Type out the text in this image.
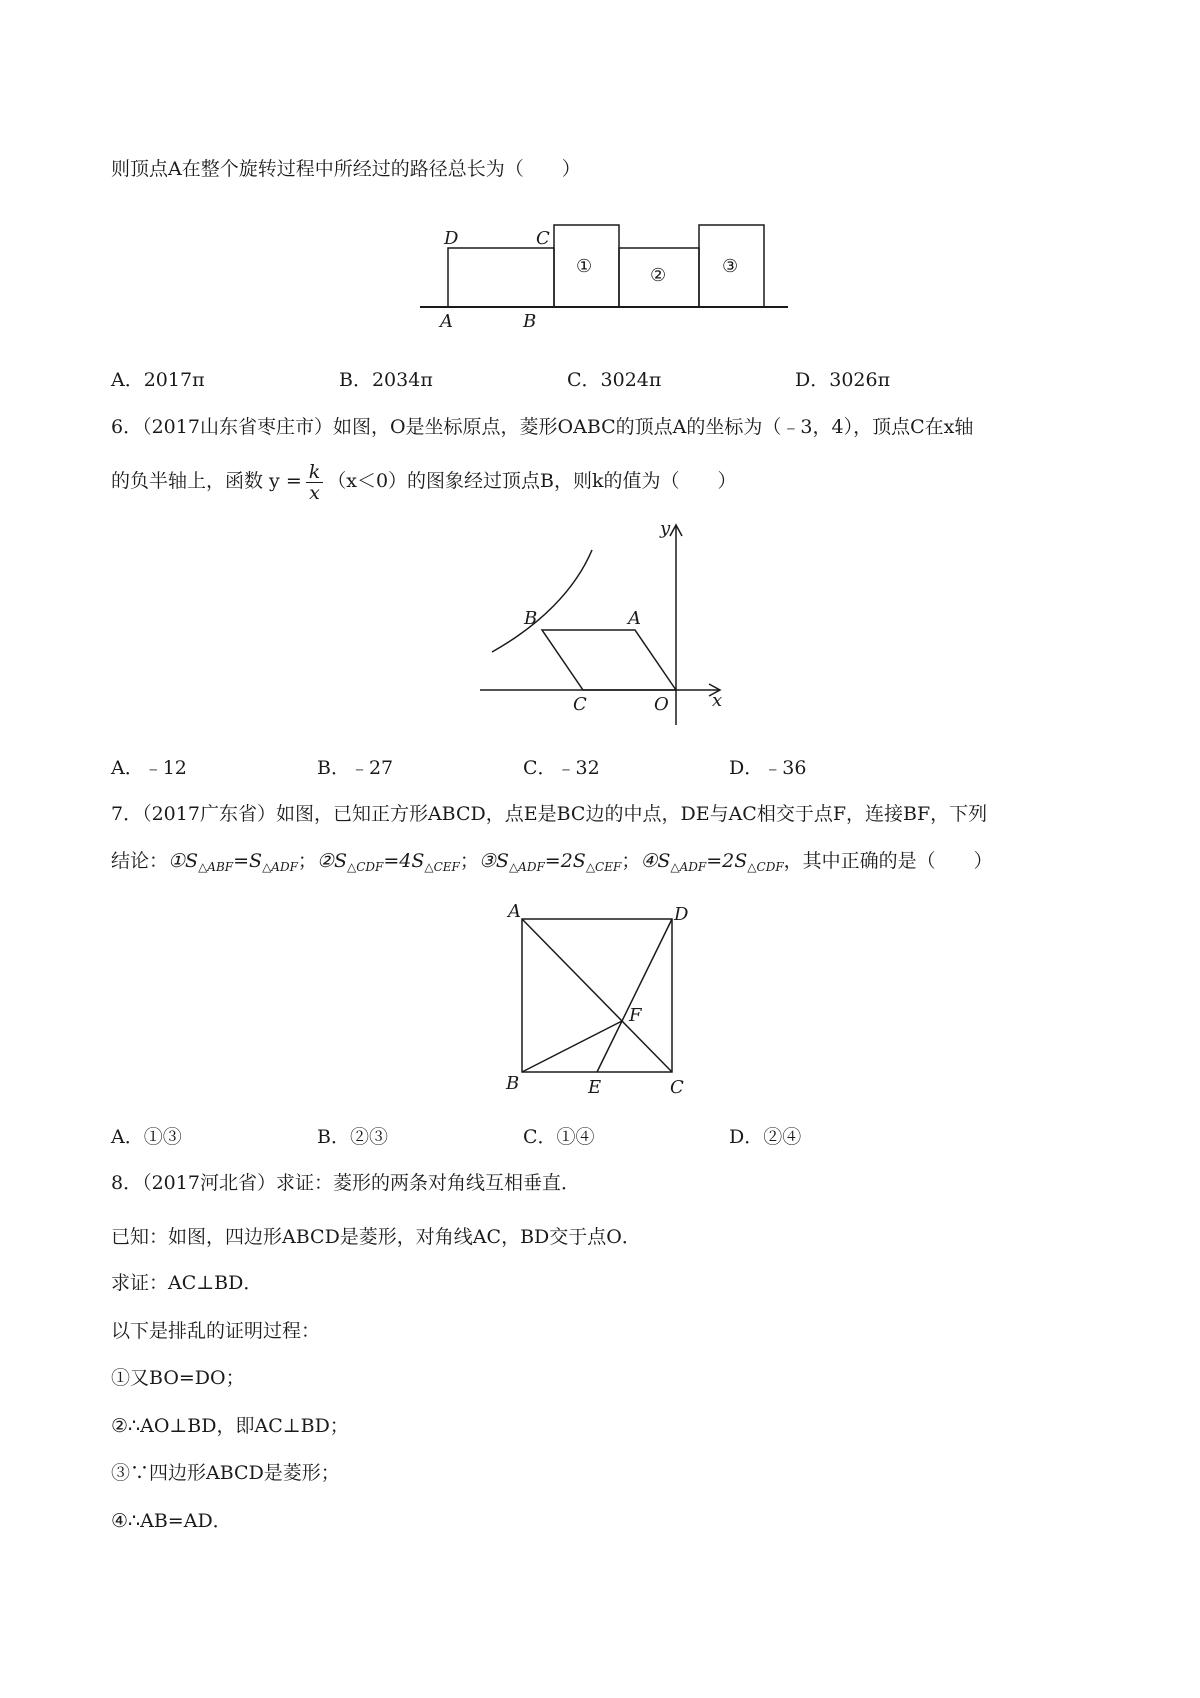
则顶点A在整个旋转过程中所经过的路径总长为（　　）
D	C
A	B
①	②	③
A．2017π	B．2034π	C．3024π	D．3026π
6．（2017山东省枣庄市）如图，O是坐标原点，菱形OABC的顶点A的坐标为（﹣3，4），顶点C在x轴
的负半轴上，函数 $y = \frac{k}{x} (x<0)$的图象经过顶点B，则k的值为（　　）
y
B	A
C	O x
A．﹣12	B．﹣27	C．﹣32	D．﹣36
7．（2017广东省）如图，已知正方形ABCD，点E是BC边的中点，DE与AC相交于点F，连接BF，下列
结论：$①S_{\triangle ABF}=S_{\triangle ADF}$；$②S_{\triangle CDF}=4S_{\triangle CEF}$；$③S_{\triangle ADF}=2S_{\triangle CEF}$；$④S_{\triangle ADF}=2S_{\triangle CDF}$，其中正确的是（　　）
A	D
F
B	E	C
A．①③	B．②③	C．①④	D．②④
8．（2017河北省）求证：菱形的两条对角线互相垂直．
已知：如图，四边形ABCD是菱形，对角线AC，BD交于点O．
求证：AC⊥BD．
以下是排乱的证明过程：
①又BO=DO；
②∴AO⊥BD，即AC⊥BD；
③∵四边形ABCD是菱形；
④∴AB=AD．
